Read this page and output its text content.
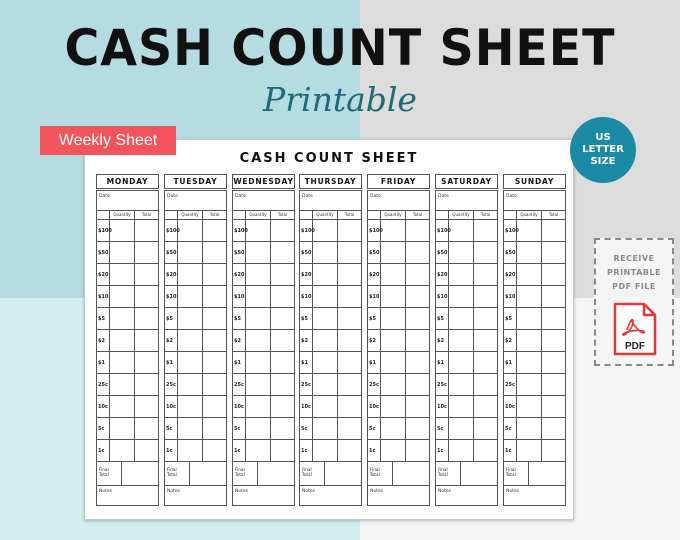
CASH COUNT SHEET
Printable
CASH COUNT SHEET
Weekly Sheet	US
LETTER
SIZE
RECEIVE
PRINTABLE
PDF FILE
PDF
MONDAY
Date
Quantity	Total
$100
$50
$20
$10
$5
$2
$1
25c
10c
5c
1c
Final
Total
Notes
TUESDAY
Date
Quantity	Total
$100
$50
$20
$10
$5
$2
$1
25c
10c
5c
1c
Final
Total
Notes
WEDNESDAY
Date
Quantity	Total
$100
$50
$20
$10
$5
$2
$1
25c
10c
5c
1c
Final
Total
Notes
THURSDAY
Date
Quantity	Total
$100
$50
$20
$10
$5
$2
$1
25c
10c
5c
1c
Final
Total
Notes
FRIDAY
Date
Quantity	Total
$100
$50
$20
$10
$5
$2
$1
25c
10c
5c
1c
Final
Total
Notes
SATURDAY
Date
Quantity	Total
$100
$50
$20
$10
$5
$2
$1
25c
10c
5c
1c
Final
Total
Notes
SUNDAY
Date
Quantity	Total
$100
$50
$20
$10
$5
$2
$1
25c
10c
5c
1c
Final
Total
Notes
